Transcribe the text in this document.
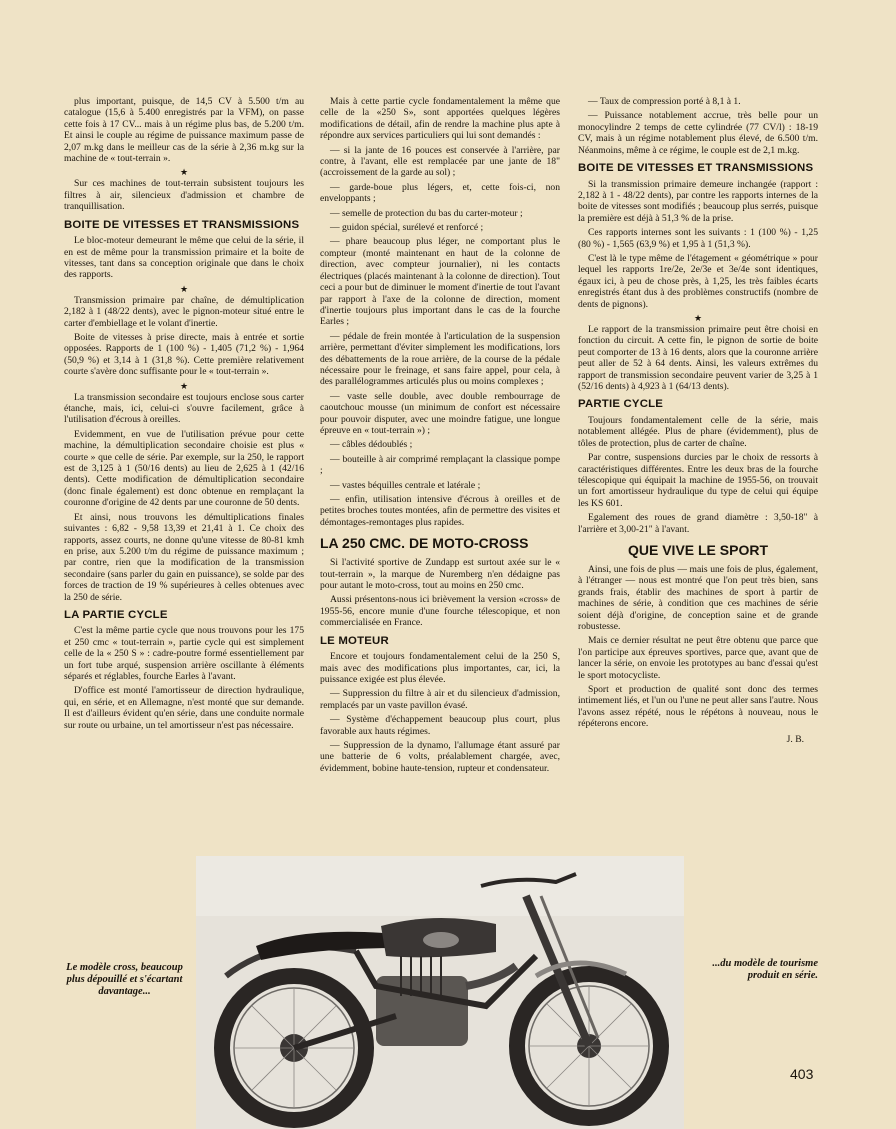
plus important, puisque, de 14,5 CV à 5.500 t/m au catalogue (15,6 à 5.400 enregistrés par la VFM), on passe cette fois à 17 CV... mais à un régime plus bas, de 5.200 t/m. Et ainsi le couple au régime de puissance maximum passe de 2,07 m.kg dans le meilleur cas de la série à 2,36 m.kg sur la machine de « tout-terrain ».

★

Sur ces machines de tout-terrain subsistent toujours les filtres à air, silencieux d'admission et chambre de tranquillisation.

BOITE DE VITESSES ET TRANSMISSIONS

Le bloc-moteur demeurant le même que celui de la série, il en est de même pour la transmission primaire et la boite de vitesses, tant dans sa conception originale que dans le choix des rapports.

★

Transmission primaire par chaîne, de démultiplication 2,182 à 1 (48/22 dents), avec le pignon-moteur situé entre le carter d'embiellage et le volant d'inertie.

Boite de vitesses à prise directe, mais à entrée et sortie opposées. Rapports de 1 (100 %) - 1,405 (71,2 %) - 1,964 (50,9 %) et 3,14 à 1 (31,8 %). Cette première relativement courte s'avère donc suffisante pour le « tout-terrain ».

★

La transmission secondaire est toujours enclose sous carter étanche, mais, ici, celui-ci s'ouvre facilement, grâce à l'utilisation d'écrous à oreilles.

Evidemment, en vue de l'utilisation prévue pour cette machine, la démultiplication secondaire choisie est plus « courte » que celle de série. Par exemple, sur la 250, le rapport est de 3,125 à 1 (50/16 dents) au lieu de 2,625 à 1 (42/16 dents). Cette modification de démultiplication secondaire (donc finale également) est donc obtenue en remplaçant la couronne d'origine de 42 dents par une couronne de 50 dents.

Et ainsi, nous trouvons les démultiplications finales suivantes : 6,82 - 9,58 13,39 et 21,41 à 1. Ce choix des rapports, assez courts, ne donne qu'une vitesse de 80-81 kmh en prise, aux 5.200 t/m du régime de puissance maximum ; par contre, rien que la modification de la transmission secondaire (sans parler du gain en puissance), se solde par des forces de traction de 19 % supérieures à celles obtenues avec la 250 de série.

LA PARTIE CYCLE

C'est la même partie cycle que nous trouvons pour les 175 et 250 cmc « tout-terrain », partie cycle qui est simplement celle de la « 250 S » : cadre-poutre formé essentiellement par un fort tube arqué, suspension arrière oscillante à éléments séparés et réglables, fourche Earles à l'avant.

D'office est monté l'amortisseur de direction hydraulique, qui, en série, et en Allemagne, n'est monté que sur demande. Il est d'ailleurs évident qu'en série, dans une conduite normale sur route ou urbaine, un tel amortisseur n'est pas nécessaire.

Mais à cette partie cycle fondamentalement la même que celle de la «250 S», sont apportées quelques légères modifications de détail, afin de rendre la machine plus apte à répondre aux services particuliers qui lui sont demandés :

— si la jante de 16 pouces est conservée à l'arrière, par contre, à l'avant, elle est remplacée par une jante de 18" (accroissement de la garde au sol) ;

— garde-boue plus légers, et, cette fois-ci, non enveloppants ;

— semelle de protection du bas du carter-moteur ;

— guidon spécial, surélevé et renforcé ;

— phare beaucoup plus léger, ne comportant plus le compteur (monté maintenant en haut de la colonne de direction, avec compteur journalier), ni les contacts électriques (placés maintenant à la colonne de direction). Tout ceci a pour but de diminuer le moment d'inertie de tout l'avant par rapport à l'axe de la colonne de direction, moment d'inertie toujours plus important dans le cas de la fourche Earles ;

— pédale de frein montée à l'articulation de la suspension arrière, permettant d'éviter simplement les modifications, lors des débattements de la roue arrière, de la course de la pédale nécessaire pour le freinage, et sans faire appel, pour cela, à des parallélogrammes articulés plus ou moins complexes ;

— vaste selle double, avec double rembourrage de caoutchouc mousse (un minimum de confort est nécessaire pour pouvoir disputer, avec une moindre fatigue, une longue épreuve en « tout-terrain ») ;

— câbles dédoublés ;

— bouteille à air comprimé remplaçant la classique pompe ;

— vastes béquilles centrale et latérale ;

— enfin, utilisation intensive d'écrous à oreilles et de petites broches toutes montées, afin de permettre des visites et démontages-remontages plus rapides.

LA 250 CMC. DE MOTO-CROSS

Si l'activité sportive de Zundapp est surtout axée sur le « tout-terrain », la marque de Nuremberg n'en dédaigne pas pour autant le moto-cross, tout au moins en 250 cmc.

Aussi présentons-nous ici brièvement la version «cross» de 1955-56, encore munie d'une fourche télescopique, et non commercialisée en France.

LE MOTEUR

Encore et toujours fondamentalement celui de la 250 S, mais avec des modifications plus importantes, car, ici, la puissance exigée est plus élevée.

— Suppression du filtre à air et du silencieux d'admission, remplacés par un vaste pavillon évasé.

— Système d'échappement beaucoup plus court, plus favorable aux hauts régimes.

— Suppression de la dynamo, l'allumage étant assuré par une batterie de 6 volts, préalablement chargée, avec, évidemment, bobine haute-tension, rupteur et condensateur.

— Taux de compression porté à 8,1 à 1.

— Puissance notablement accrue, très belle pour un monocylindre 2 temps de cette cylindrée (77 CV/l) : 18-19 CV, mais à un régime notablement plus élevé, de 6.500 t/m. Néanmoins, même à ce régime, le couple est de 2,1 m.kg.

BOITE DE VITESSES ET TRANSMISSIONS

Si la transmission primaire demeure inchangée (rapport : 2,182 à 1 - 48/22 dents), par contre les rapports internes de la boite de vitesses sont modifiés ; beaucoup plus serrés, puisque la première est déjà à 51,3 % de la prise.

Ces rapports internes sont les suivants : 1 (100 %) - 1,25 (80 %) - 1,565 (63,9 %) et 1,95 à 1 (51,3 %).

C'est là le type même de l'étagement « géométrique » pour lequel les rapports 1re/2e, 2e/3e et 3e/4e sont identiques, égaux ici, à peu de chose près, à 1,25, les très faibles écarts enregistrés étant dus à des problèmes constructifs (nombre de dents de pignons).

★

Le rapport de la transmission primaire peut être choisi en fonction du circuit. A cette fin, le pignon de sortie de boite peut comporter de 13 à 16 dents, alors que la couronne arrière peut aller de 52 à 64 dents. Ainsi, les valeurs extrêmes du rapport de transmission secondaire peuvent varier de 3,25 à 1 (52/16 dents) à 4,923 à 1 (64/13 dents).

PARTIE CYCLE

Toujours fondamentalement celle de la série, mais notablement allégée. Plus de phare (évidemment), plus de tôles de protection, plus de carter de chaîne.

Par contre, suspensions durcies par le choix de ressorts à caractéristiques différentes. Entre les deux bras de la fourche télescopique qui équipait la machine de 1955-56, on trouvait un fort amortisseur hydraulique du type de celui qui équipe les KS 601.

Egalement des roues de grand diamètre : 3,50-18" à l'arrière et 3,00-21" à l'avant.

QUE VIVE LE SPORT

Ainsi, une fois de plus — mais une fois de plus, également, à l'étranger — nous est montré que l'on peut très bien, sans grands frais, établir des machines de sport à partir de machines de série, à condition que ces machines de série soient déjà d'origine, de conception saine et de grande robustesse.

Mais ce dernier résultat ne peut être obtenu que parce que l'on participe aux épreuves sportives, parce que, avant que de lancer la série, on envoie les prototypes au banc d'essai qu'est le sport motocycliste.

Sport et production de qualité sont donc des termes intimement liés, et l'un ou l'une ne peut aller sans l'autre. Nous l'avons assez répété, nous le répétons à nouveau, nous le répéterons encore.

J. B.
Le modèle cross, beaucoup plus dépouillé et s'écartant davantage...
...du modèle de tourisme produit en série.
403
